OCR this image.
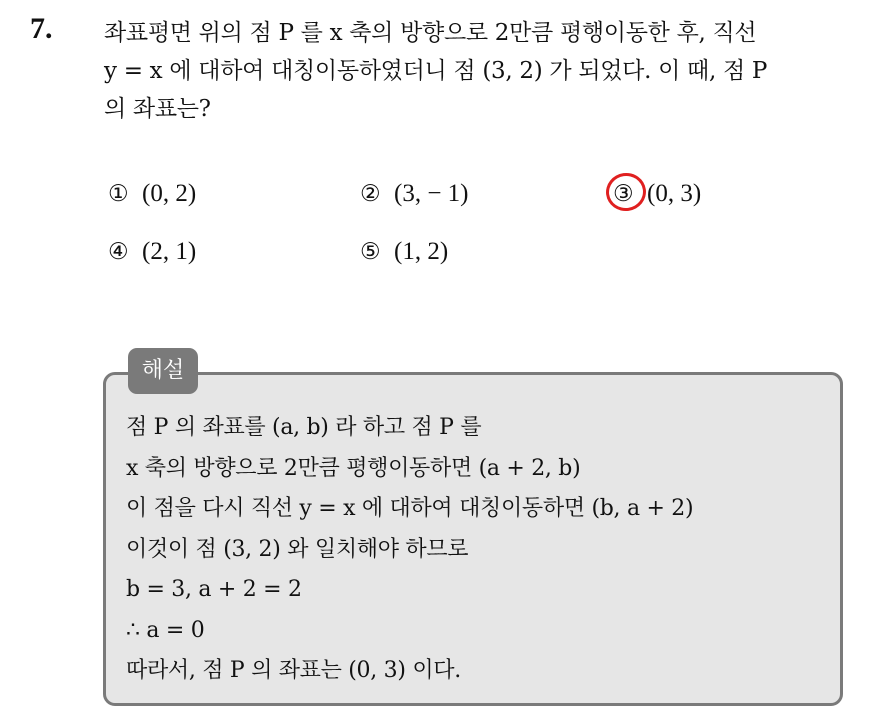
7. 좌표평면 위의 점 P 를 x 축의 방향으로 2만큼 평행이동한 후, 직선
y = x 에 대하여 대칭이동하였더니 점 (3, 2) 가 되었다. 이 때, 점 P
의 좌표는?
① (0, 2)	② (3, − 1)	③ (0, 3)
④ (2, 1)	⑤ (1, 2)
해설
점 P 의 좌표를 (a, b) 라 하고 점 P 를
x 축의 방향으로 2만큼 평행이동하면 (a + 2, b)
이 점을 다시 직선 y = x 에 대하여 대칭이동하면 (b, a + 2)
이것이 점 (3, 2) 와 일치해야 하므로
b = 3, a + 2 = 2
∴ a = 0
따라서, 점 P 의 좌표는 (0, 3) 이다.
